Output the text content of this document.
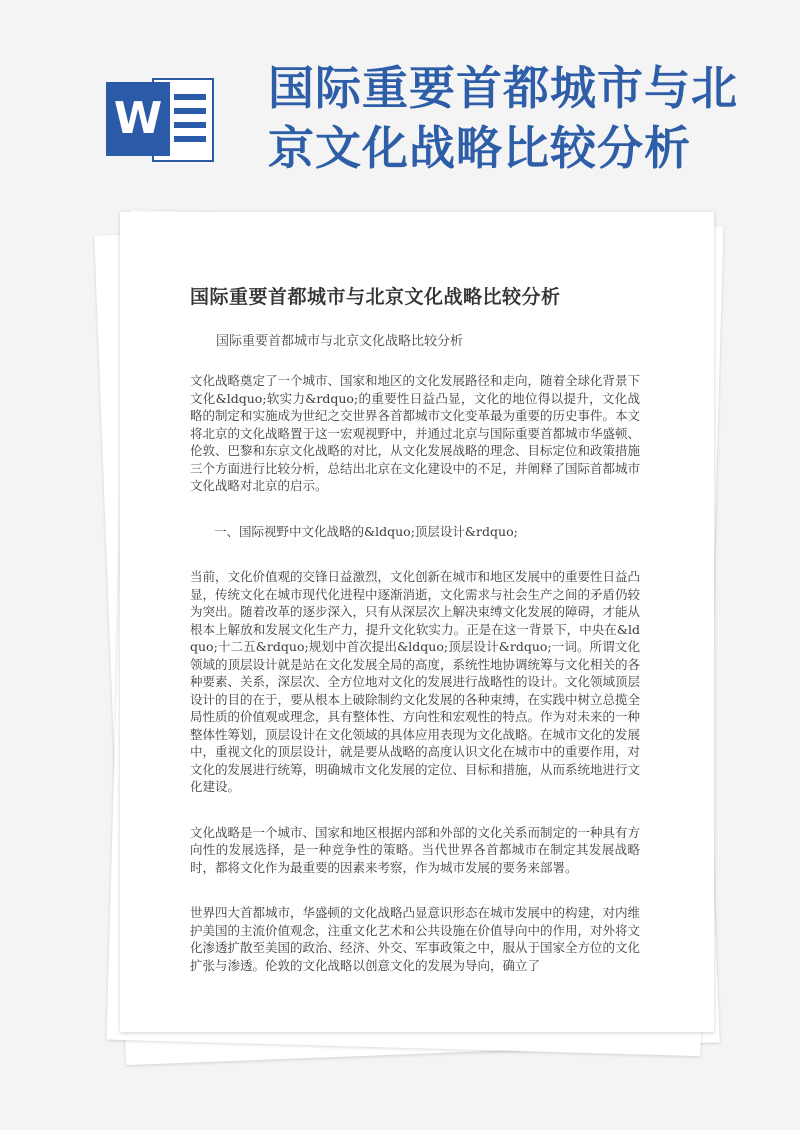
W
国际重要首都城市与北京文化战略比较分析
国际重要首都城市与北京文化战略比较分析

国际重要首都城市与北京文化战略比较分析

文化战略奠定了一个城市、国家和地区的文化发展路径和走向，随着全球化背景下文化&ldquo;软实力&rdquo;的重要性日益凸显，文化的地位得以提升，文化战略的制定和实施成为世纪之交世界各首都城市文化变革最为重要的历史事件。本文将北京的文化战略置于这一宏观视野中，并通过北京与国际重要首都城市华盛顿、伦敦、巴黎和东京文化战略的对比，从文化发展战略的理念、目标定位和政策措施三个方面进行比较分析，总结出北京在文化建设中的不足，并阐释了国际首都城市文化战略对北京的启示。

一、国际视野中文化战略的&ldquo;顶层设计&rdquo;

当前，文化价值观的交锋日益激烈，文化创新在城市和地区发展中的重要性日益凸显，传统文化在城市现代化进程中逐渐消逝，文化需求与社会生产之间的矛盾仍较为突出。随着改革的逐步深入，只有从深层次上解决束缚文化发展的障碍，才能从根本上解放和发展文化生产力，提升文化软实力。正是在这一背景下，中央在&ldquo;十二五&rdquo;规划中首次提出&ldquo;顶层设计&rdquo;一词。所谓文化领域的顶层设计就是站在文化发展全局的高度，系统性地协调统筹与文化相关的各种要素、关系，深层次、全方位地对文化的发展进行战略性的设计。文化领域顶层设计的目的在于，要从根本上破除制约文化发展的各种束缚，在实践中树立总揽全局性质的价值观或理念，具有整体性、方向性和宏观性的特点。作为对未来的一种整体性筹划，顶层设计在文化领域的具体应用表现为文化战略。在城市文化的发展中，重视文化的顶层设计，就是要从战略的高度认识文化在城市中的重要作用，对文化的发展进行统筹，明确城市文化发展的定位、目标和措施，从而系统地进行文化建设。

文化战略是一个城市、国家和地区根据内部和外部的文化关系而制定的一种具有方向性的发展选择，是一种竞争性的策略。当代世界各首都城市在制定其发展战略时，都将文化作为最重要的因素来考察，作为城市发展的要务来部署。

世界四大首都城市，华盛顿的文化战略凸显意识形态在城市发展中的构建，对内维护美国的主流价值观念，注重文化艺术和公共设施在价值导向中的作用，对外将文化渗透扩散至美国的政治、经济、外交、军事政策之中，服从于国家全方位的文化扩张与渗透。伦敦的文化战略以创意文化的发展为导向，确立了
